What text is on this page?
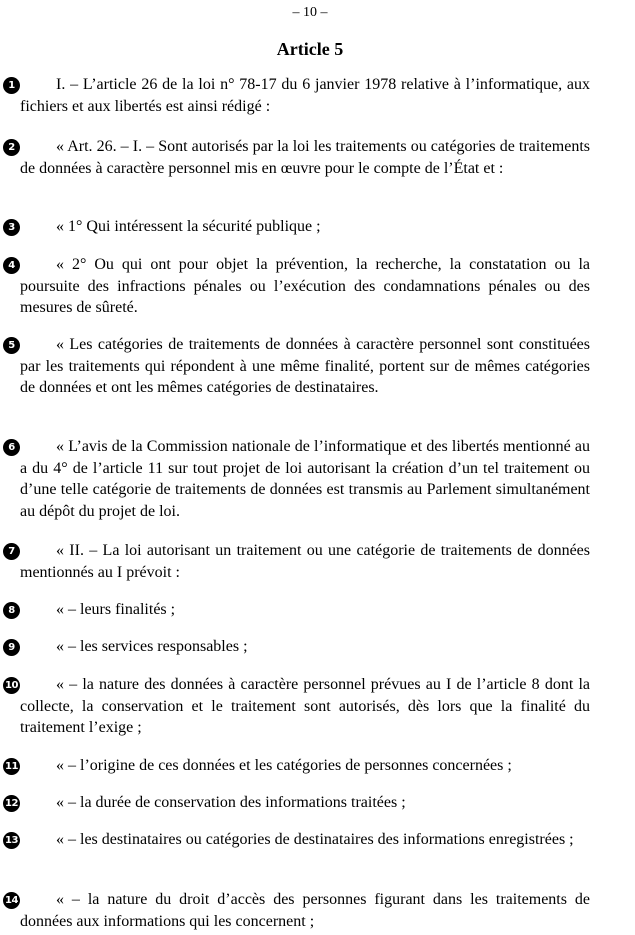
– 10 –
Article 5
1	I. – L’article 26 de la loi n° 78-17 du 6 janvier 1978 relative à l’informatique, aux fichiers et aux libertés est ainsi rédigé :
2	« Art. 26. – I. – Sont autorisés par la loi les traitements ou catégories de traitements de données à caractère personnel mis en œuvre pour le compte de l’État et :
3	« 1° Qui intéressent la sécurité publique ;
4	« 2° Ou qui ont pour objet la prévention, la recherche, la constatation ou la poursuite des infractions pénales ou l’exécution des condamnations pénales ou des mesures de sûreté.
5	« Les catégories de traitements de données à caractère personnel sont constituées par les traitements qui répondent à une même finalité, portent sur de mêmes catégories de données et ont les mêmes catégories de destinataires.
6	« L’avis de la Commission nationale de l’informatique et des libertés mentionné au a du 4° de l’article 11 sur tout projet de loi autorisant la création d’un tel traitement ou d’une telle catégorie de traitements de données est transmis au Parlement simultanément au dépôt du projet de loi.
7	« II. – La loi autorisant un traitement ou une catégorie de traitements de données mentionnés au I prévoit :
8	« – leurs finalités ;
9	« – les services responsables ;
10	« – la nature des données à caractère personnel prévues au I de l’article 8 dont la collecte, la conservation et le traitement sont autorisés, dès lors que la finalité du traitement l’exige ;
11	« – l’origine de ces données et les catégories de personnes concernées ;
12	« – la durée de conservation des informations traitées ;
13	« – les destinataires ou catégories de destinataires des informations enregistrées ;
14	« – la nature du droit d’accès des personnes figurant dans les traitements de données aux informations qui les concernent ;
